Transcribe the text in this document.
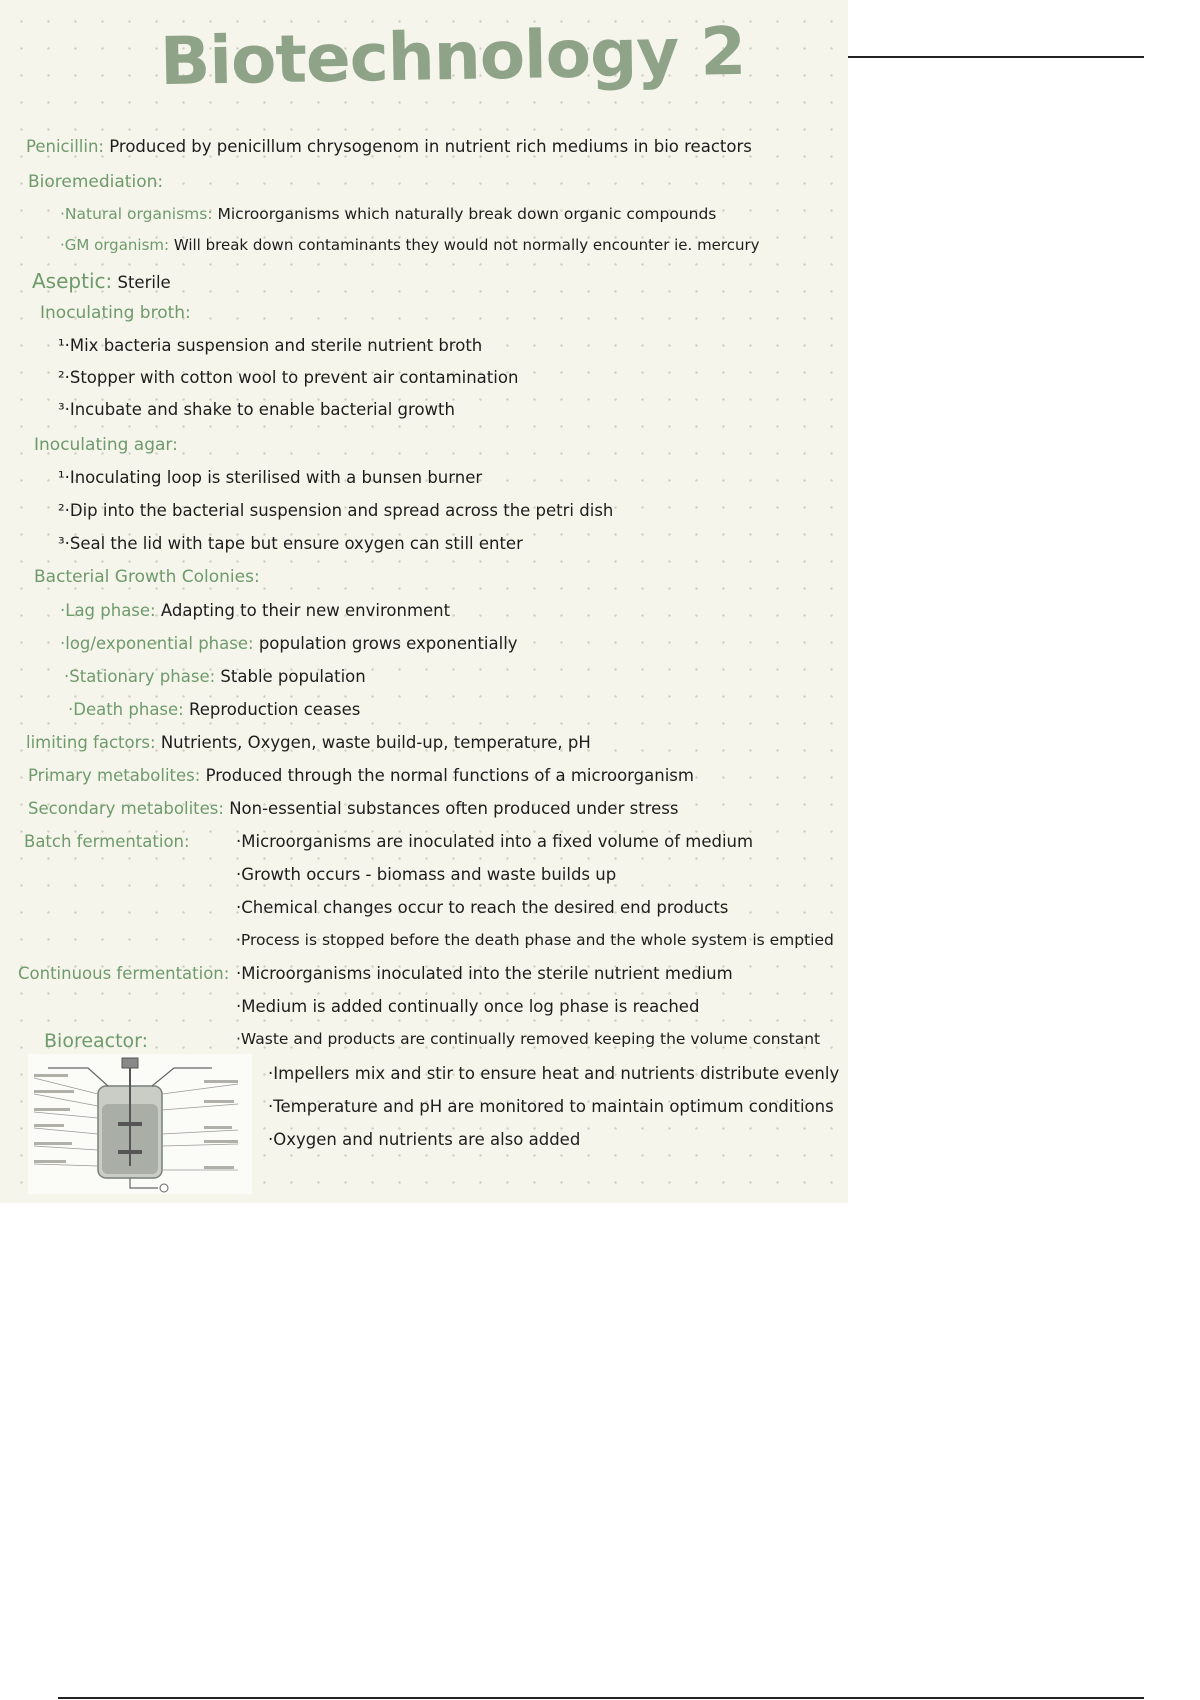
Biotechnology 2
Penicillin: Produced by penicillum chrysogenom in nutrient rich mediums in bio reactors
Bioremediation:
·Natural organisms: Microorganisms which naturally break down organic compounds
·GM organism: Will break down contaminants they would not normally encounter ie. mercury
Aseptic: Sterile
Inoculating broth:
¹·Mix bacteria suspension and sterile nutrient broth
²·Stopper with cotton wool to prevent air contamination
³·Incubate and shake to enable bacterial growth
Inoculating agar:
¹·Inoculating loop is sterilised with a bunsen burner
²·Dip into the bacterial suspension and spread across the petri dish
³·Seal the lid with tape but ensure oxygen can still enter
Bacterial Growth Colonies:
·Lag phase: Adapting to their new environment
·log/exponential phase: population grows exponentially
·Stationary phase: Stable population
·Death phase: Reproduction ceases
limiting factors: Nutrients, Oxygen, waste build-up, temperature, pH
Primary metabolites: Produced through the normal functions of a microorganism
Secondary metabolites: Non-essential substances often produced under stress
Batch fermentation:	·Microorganisms are inoculated into a fixed volume of medium
·Growth occurs - biomass and waste builds up
·Chemical changes occur to reach the desired end products
·Process is stopped before the death phase and the whole system is emptied
Continuous fermentation: ·Microorganisms inoculated into the sterile nutrient medium
·Medium is added continually once log phase is reached
·Waste and products are continually removed keeping the volume constant
Bioreactor:
·Impellers mix and stir to ensure heat and nutrients distribute evenly
·Temperature and pH are monitored to maintain optimum conditions
·Oxygen and nutrients are also added
